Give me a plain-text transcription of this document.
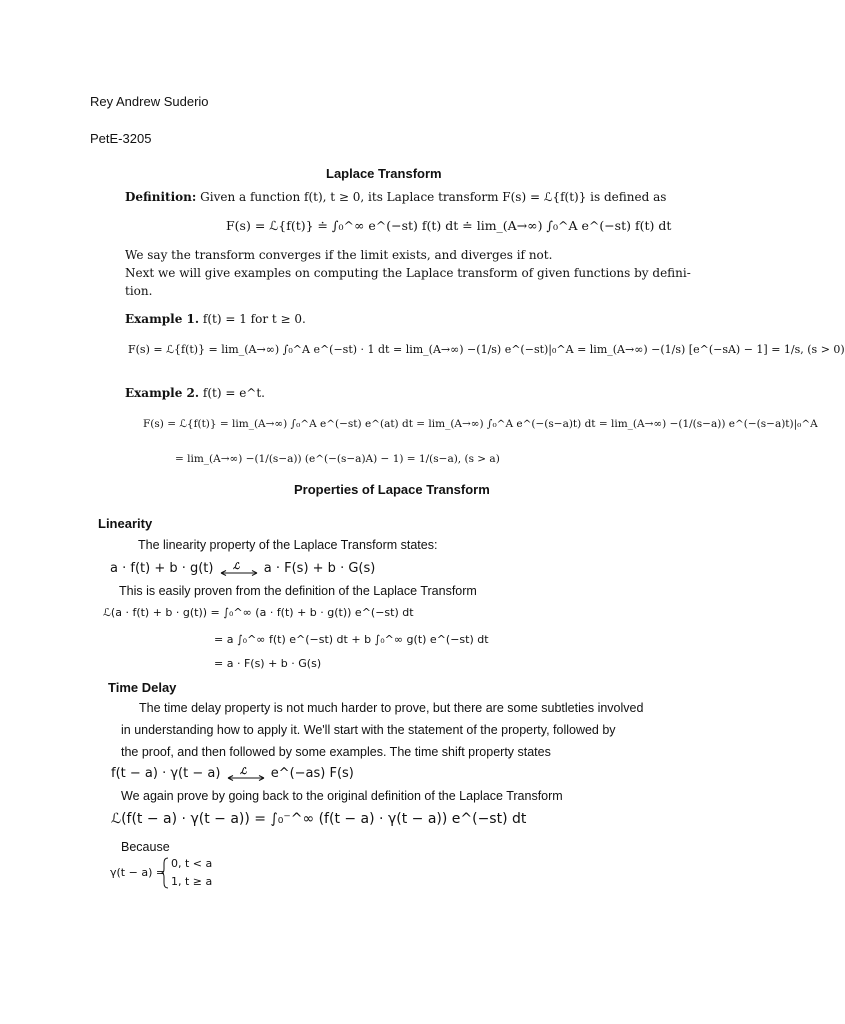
Rey Andrew Suderio
PetE-3205
Laplace Transform
Definition: Given a function f(t), t ≥ 0, its Laplace transform F(s) = ℒ{f(t)} is defined as
F(s) = ℒ{f(t)} ≐ ∫₀^∞ e^(−st) f(t) dt ≐ lim_(A→∞) ∫₀^A e^(−st) f(t) dt
We say the transform converges if the limit exists, and diverges if not.
Next we will give examples on computing the Laplace transform of given functions by defini-
tion.
Example 1. f(t) = 1 for t ≥ 0.
F(s) = ℒ{f(t)} = lim_(A→∞) ∫₀^A e^(−st) · 1 dt = lim_(A→∞) −(1/s) e^(−st)|₀^A = lim_(A→∞) −(1/s) [e^(−sA) − 1] = 1/s, (s > 0)
Example 2. f(t) = e^t.
F(s) = ℒ{f(t)} = lim_(A→∞) ∫₀^A e^(−st) e^(at) dt = lim_(A→∞) ∫₀^A e^(−(s−a)t) dt = lim_(A→∞) −(1/(s−a)) e^(−(s−a)t)|₀^A
= lim_(A→∞) −(1/(s−a)) (e^(−(s−a)A) − 1) = 1/(s−a), (s > a)
Properties of Lapace Transform
Linearity
The linearity property of the Laplace Transform states:
a · f(t) + b · g(t) ℒ a · F(s) + b · G(s)
This is easily proven from the definition of the Laplace Transform
ℒ(a · f(t) + b · g(t)) = ∫₀^∞ (a · f(t) + b · g(t)) e^(−st) dt
= a ∫₀^∞ f(t) e^(−st) dt + b ∫₀^∞ g(t) e^(−st) dt
= a · F(s) + b · G(s)
Time Delay
The time delay property is not much harder to prove, but there are some subtleties involved
in understanding how to apply it. We'll start with the statement of the property, followed by
the proof, and then followed by some examples. The time shift property states
f(t − a) · γ(t − a) ℒ e^(−as) F(s)
We again prove by going back to the original definition of the Laplace Transform
ℒ(f(t − a) · γ(t − a)) = ∫₀⁻^∞ (f(t − a) · γ(t − a)) e^(−st) dt
Because
γ(t − a) =
0, t < a
1, t ≥ a
